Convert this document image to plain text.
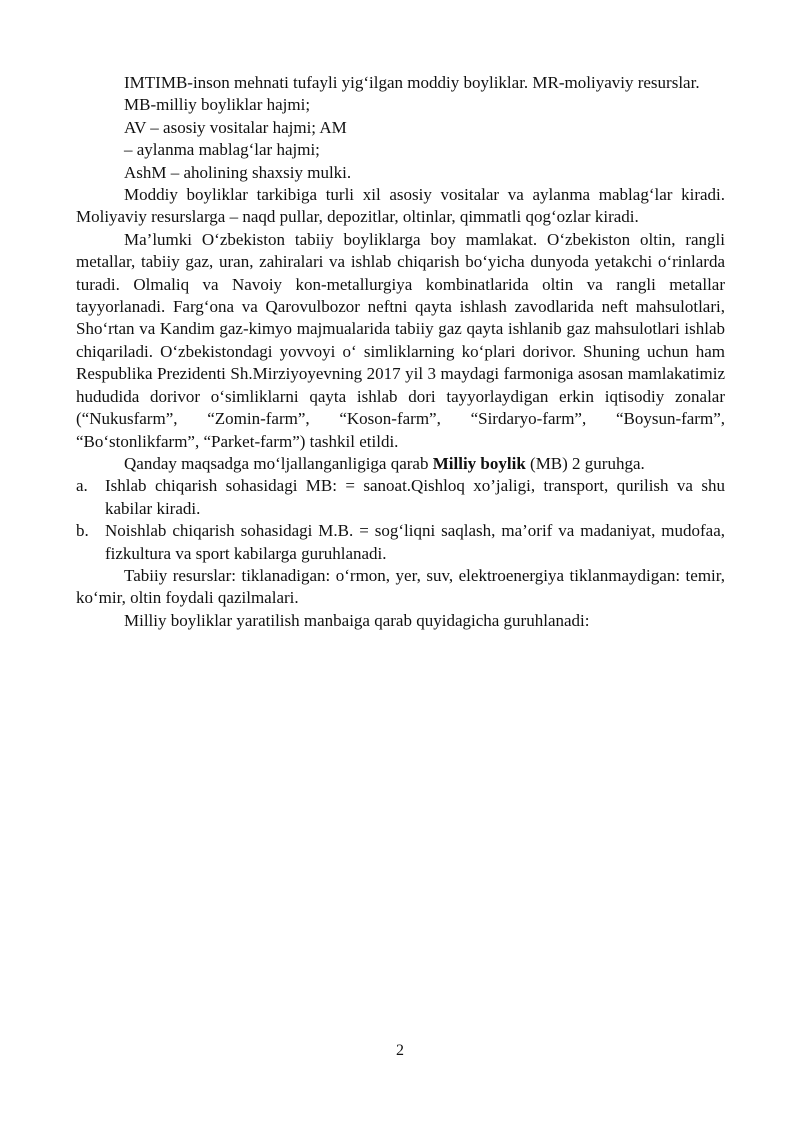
IMTIMB-inson mehnati tufayli yig‘ilgan moddiy boyliklar. MR-moliyaviy resurslar.

MB-milliy boyliklar hajmi;

AV – asosiy vositalar hajmi; AM

– aylanma mablag‘lar hajmi;

AshM – aholining shaxsiy mulki.

Moddiy boyliklar tarkibiga turli xil asosiy vositalar va aylanma mablag‘lar kiradi. Moliyaviy resurslarga – naqd pullar, depozitlar, oltinlar, qimmatli qog‘ozlar kiradi.

Ma’lumki O‘zbekiston tabiiy boyliklarga boy mamlakat. O‘zbekiston oltin, rangli metallar, tabiiy gaz, uran, zahiralari va ishlab chiqarish bo‘yicha dunyoda yetakchi o‘rinlarda turadi. Olmaliq va Navoiy kon-metallurgiya kombinatlarida oltin va rangli metallar tayyorlanadi. Farg‘ona va Qarovulbozor neftni qayta ishlash zavodlarida neft mahsulotlari, Sho‘rtan va Kandim gaz-kimyo majmualarida tabiiy gaz qayta ishlanib gaz mahsulotlari ishlab chiqariladi. O‘zbekistondagi yovvoyi o‘ simliklarning ko‘plari dorivor. Shuning uchun ham Respublika Prezidenti Sh.Mirziyoyevning 2017 yil 3 maydagi farmoniga asosan mamlakatimiz hududida dorivor o‘simliklarni qayta ishlab dori tayyorlaydigan erkin iqtisodiy zonalar (“Nukusfarm”, “Zomin-farm”, “Koson-farm”, “Sirdaryo-farm”, “Boysun-farm”, “Bo‘stonlikfarm”, “Parket-farm”) tashkil etildi.

Qanday maqsadga mo‘ljallanganligiga qarab Milliy boylik (MB) 2 guruhga.

a. Ishlab chiqarish sohasidagi MB: = sanoat.Qishloq xo’jaligi, transport, qurilish va shu kabilar kiradi.
b. Noishlab chiqarish sohasidagi M.B. = sog‘liqni saqlash, ma’orif va madaniyat, mudofaa, fizkultura va sport kabilarga guruhlanadi.

Tabiiy resurslar: tiklanadigan: o‘rmon, yer, suv, elektroenergiya tiklanmaydigan: temir, ko‘mir, oltin foydali qazilmalari.

Milliy boyliklar yaratilish manbaiga qarab quyidagicha guruhlanadi:

2
